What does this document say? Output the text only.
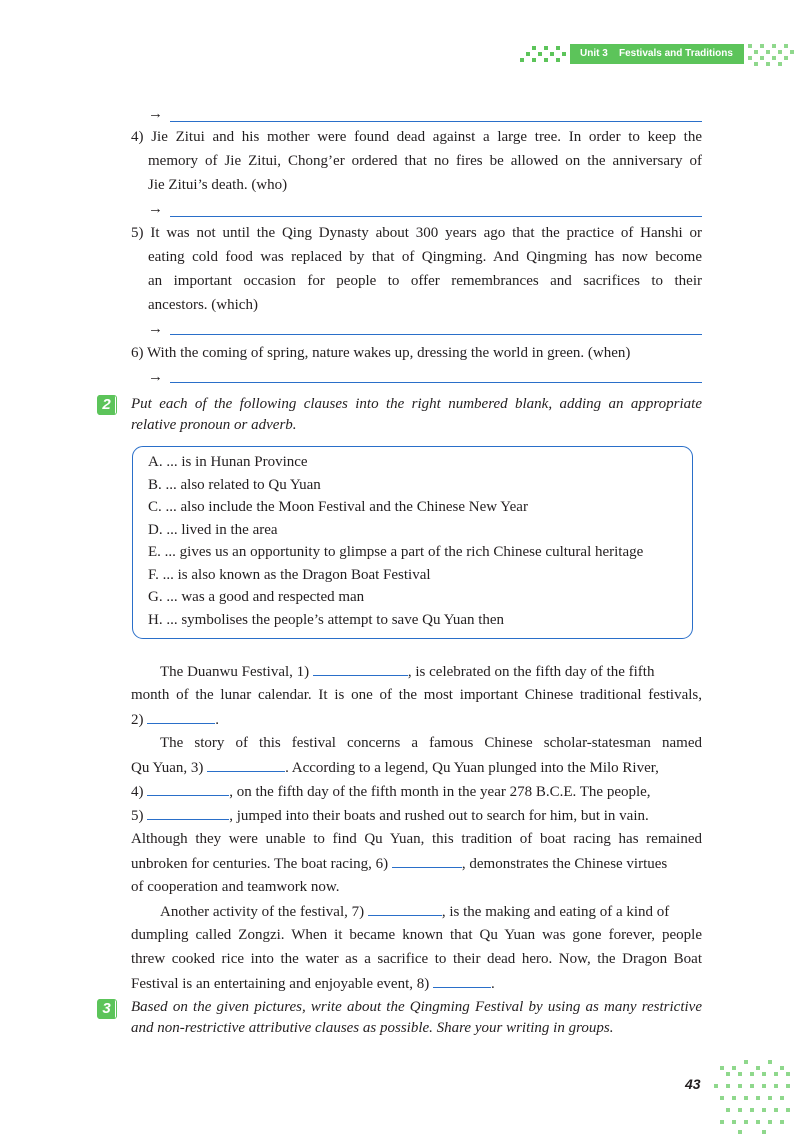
Unit 3 Festivals and Traditions
→
4) Jie Zitui and his mother were found dead against a large tree. In order to keep the
memory of Jie Zitui, Chong’er ordered that no fires be allowed on the anniversary of
Jie Zitui’s death. (who)
→
5) It was not until the Qing Dynasty about 300 years ago that the practice of Hanshi or
eating cold food was replaced by that of Qingming. And Qingming has now become
an important occasion for people to offer remembrances and sacrifices to their
ancestors. (which)
→
6) With the coming of spring, nature wakes up, dressing the world in green. (when)
→
2 Put each of the following clauses into the right numbered blank, adding an appropriate
relative pronoun or adverb.
A. ... is in Hunan Province
B. ... also related to Qu Yuan
C. ... also include the Moon Festival and the Chinese New Year
D. ... lived in the area
E. ... gives us an opportunity to glimpse a part of the rich Chinese cultural heritage
F. ... is also known as the Dragon Boat Festival
G. ... was a good and respected man
H. ... symbolises the people’s attempt to save Qu Yuan then
The Duanwu Festival, 1)	, is celebrated on the fifth day of the fifth
month of the lunar calendar. It is one of the most important Chinese traditional festivals,
2)	.
The story of this festival concerns a famous Chinese scholar-statesman named
Qu Yuan, 3)	. According to a legend, Qu Yuan plunged into the Milo River,
4)	, on the fifth day of the fifth month in the year 278 B.C.E. The people,
5)	, jumped into their boats and rushed out to search for him, but in vain.
Although they were unable to find Qu Yuan, this tradition of boat racing has remained
unbroken for centuries. The boat racing, 6)	, demonstrates the Chinese virtues
of cooperation and teamwork now.
Another activity of the festival, 7)	, is the making and eating of a kind of
dumpling called Zongzi. When it became known that Qu Yuan was gone forever, people
threw cooked rice into the water as a sacrifice to their dead hero. Now, the Dragon Boat
Festival is an entertaining and enjoyable event, 8)	.
3 Based on the given pictures, write about the Qingming Festival by using as many restrictive
and non-restrictive attributive clauses as possible. Share your writing in groups.
43
